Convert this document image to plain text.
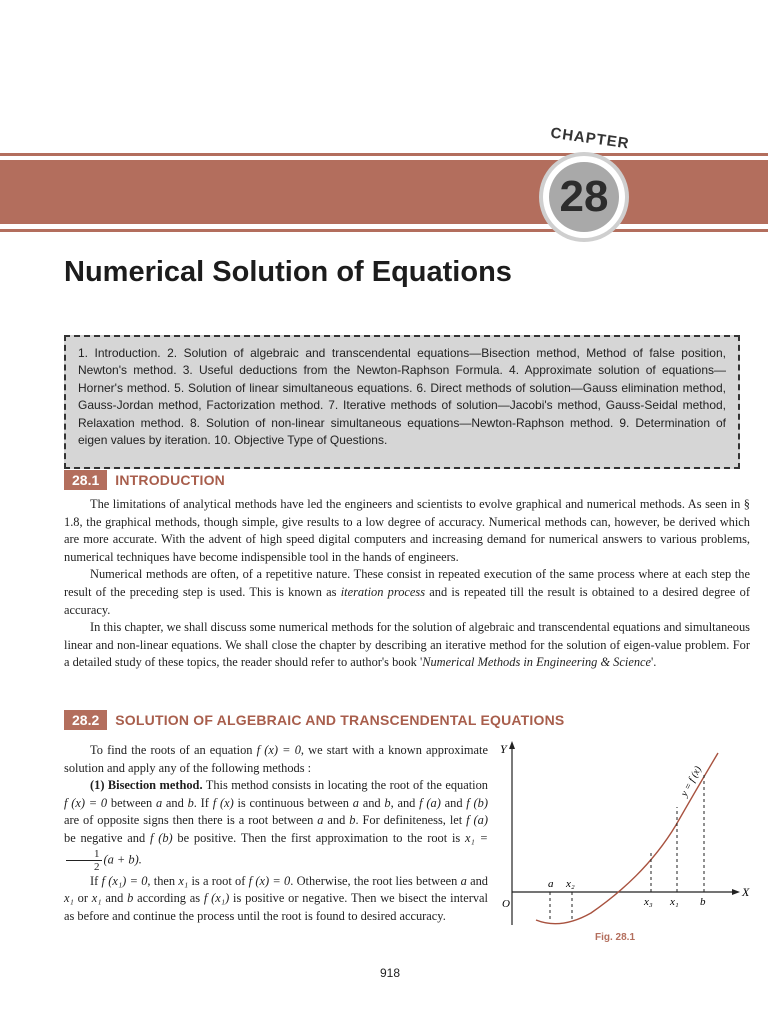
CHAPTER
28
Numerical Solution of Equations
1. Introduction. 2. Solution of algebraic and transcendental equations—Bisection method, Method of false position, Newton's method. 3. Useful deductions from the Newton-Raphson Formula. 4. Approximate solution of equations—Horner's method. 5. Solution of linear simultaneous equations. 6. Direct methods of solution—Gauss elimination method, Gauss-Jordan method, Factorization method. 7. Iterative methods of solution—Jacobi's method, Gauss-Seidal method, Relaxation method. 8. Solution of non-linear simultaneous equations—Newton-Raphson method. 9. Determination of eigen values by iteration. 10. Objective Type of Questions.
28.1	INTRODUCTION

The limitations of analytical methods have led the engineers and scientists to evolve graphical and numerical methods. As seen in § 1.8, the graphical methods, though simple, give results to a low degree of accuracy. Numerical methods can, however, be derived which are more accurate. With the advent of high speed digital computers and increasing demand for numerical answers to various problems, numerical techniques have become indispensible tool in the hands of engineers.

Numerical methods are often, of a repetitive nature. These consist in repeated execution of the same process where at each step the result of the preceding step is used. This is known as iteration process and is repeated till the result is obtained to a desired degree of accuracy.

In this chapter, we shall discuss some numerical methods for the solution of algebraic and transcendental equations and simultaneous linear and non-linear equations. We shall close the chapter by describing an iterative method for the solution of eigen-value problem. For a detailed study of these topics, the reader should refer to author's book 'Numerical Methods in Engineering & Science'.

28.2	SOLUTION OF ALGEBRAIC AND TRANSCENDENTAL EQUATIONS

To find the roots of an equation f (x) = 0, we start with a known approximate solution and apply any of the following methods :

(1) Bisection method. This method consists in locating the root of the equation f (x) = 0 between a and b. If f (x) is continuous between a and b, and f (a) and f (b) are of opposite signs then there is a root between a and b. For definiteness, let f (a) be negative and f (b) be positive. Then the first approximation to the root is x₁ =
$\frac{1}{2} (a + b)$.

If f (x₁) = 0, then x₁ is a root of f (x) = 0. Otherwise, the root lies between a and x₁ or x₁ and b according as f (x₁) is positive or negative. Then we bisect the interval as before and continue the process until the root is found to desired accuracy.

Y
X
O
a x₂
x₃ x₁ b
y = f (x)
Fig. 28.1
918
